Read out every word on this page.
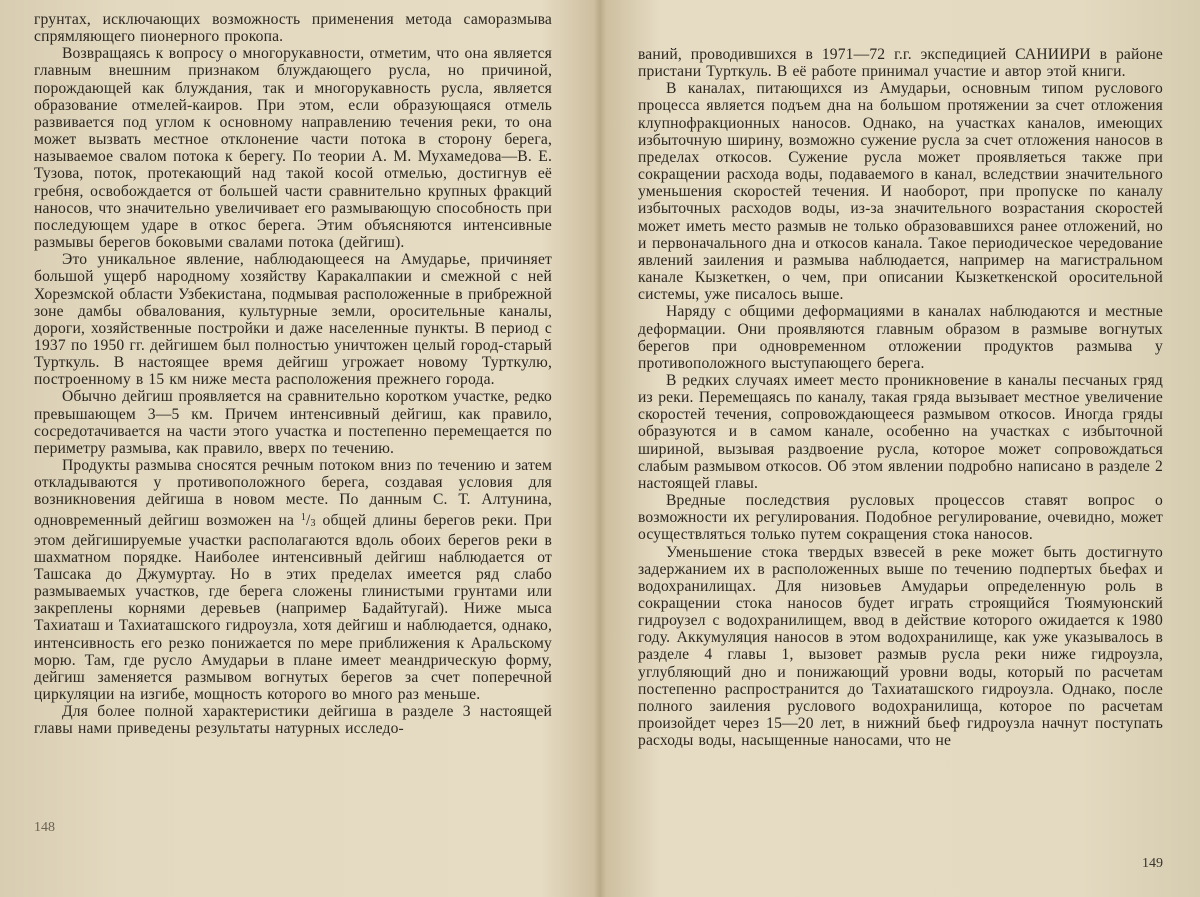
грунтах, исключающих возможность применения метода саморазмыва спрямляющего пионерного прокопа.

Возвращаясь к вопросу о многорукавности, отметим, что она является главным внешним признаком блуждающего русла, но причиной, порождающей как блуждания, так и многорукавность русла, является образование отмелей-каиров. При этом, если образующаяся отмель развивается под углом к основному направлению течения реки, то она может вызвать местное отклонение части потока в сторону берега, называемое свалом потока к берегу. По теории А. М. Мухамедова—В. Е. Тузова, поток, протекающий над такой косой отмелью, достигнув её гребня, освобождается от большей части сравнительно крупных фракций наносов, что значительно увеличивает его размывающую способность при последующем ударе в откос берега. Этим объясняются интенсивные размывы берегов боковыми свалами потока (дейгиш).

Это уникальное явление, наблюдающееся на Амударье, причиняет большой ущерб народному хозяйству Каракалпакии и смежной с ней Хорезмской области Узбекистана, подмывая расположенные в прибрежной зоне дамбы обвалования, культурные земли, оросительные каналы, дороги, хозяйственные постройки и даже населенные пункты. В период с 1937 по 1950 гг. дейгишем был полностью уничтожен целый город-старый Турткуль. В настоящее время дейгиш угрожает новому Турткулю, построенному в 15 км ниже места расположения прежнего города.

Обычно дейгиш проявляется на сравнительно коротком участке, редко превышающем 3—5 км. Причем интенсивный дейгиш, как правило, сосредотачивается на части этого участка и постепенно перемещается по периметру размыва, как правило, вверх по течению.

Продукты размыва сносятся речным потоком вниз по течению и затем откладываются у противоположного берега, создавая условия для возникновения дейгиша в новом месте. По данным С. Т. Алтунина, одновременный дейгиш возможен на $^1/_3$ общей длины берегов реки. При этом дейгишируемые участки располагаются вдоль обоих берегов реки в шахматном порядке. Наиболее интенсивный дейгиш наблюдается от Ташсака до Джумуртау. Но в этих пределах имеется ряд слабо размываемых участков, где берега сложены глинистыми грунтами или закреплены корнями деревьев (например Бадайтугай). Ниже мыса Тахиаташ и Тахиаташского гидроузла, хотя дейгиш и наблюдается, однако, интенсивность его резко понижается по мере приближения к Аральскому морю. Там, где русло Амударьи в плане имеет меандрическую форму, дейгиш заменяется размывом вогнутых берегов за счет поперечной циркуляции на изгибе, мощность которого во много раз меньше.

Для более полной характеристики дейгиша в разделе 3 настоящей главы нами приведены результаты натурных исследо-

148

ваний, проводившихся в 1971—72 г.г. экспедицией САНИИРИ в районе пристани Турткуль. В её работе принимал участие и автор этой книги.

В каналах, питающихся из Амударьи, основным типом руслового процесса является подъем дна на большом протяжении за счет отложения клупнофракционных наносов. Однако, на участках каналов, имеющих избыточную ширину, возможно сужение русла за счет отложения наносов в пределах откосов. Сужение русла может проявляеться также при сокращении расхода воды, подаваемого в канал, вследствии значительного уменьшения скоростей течения. И наоборот, при пропуске по каналу избыточных расходов воды, из-за значительного возрастания скоростей может иметь место размыв не только образовавшихся ранее отложений, но и первоначального дна и откосов канала. Такое периодическое чередование явлений заиления и размыва наблюдается, например на магистральном канале Кызкеткен, о чем, при описании Кызкеткенской оросительной системы, уже писалось выше.

Наряду с общими деформациями в каналах наблюдаются и местные деформации. Они проявляются главным образом в размыве вогнутых берегов при одновременном отложении продуктов размыва у противоположного выступающего берега.

В редких случаях имеет место проникновение в каналы песчаных гряд из реки. Перемещаясь по каналу, такая гряда вызывает местное увеличение скоростей течения, сопровождающееся размывом откосов. Иногда гряды образуются и в самом канале, особенно на участках с избыточной шириной, вызывая раздвоение русла, которое может сопровождаться слабым размывом откосов. Об этом явлении подробно написано в разделе 2 настоящей главы.

Вредные последствия русловых процессов ставят вопрос о возможности их регулирования. Подобное регулирование, очевидно, может осуществляться только путем сокращения стока наносов.

Уменьшение стока твердых взвесей в реке может быть достигнуто задержанием их в расположенных выше по течению подпертых бьефах и водохранилищах. Для низовьев Амударьи определенную роль в сокращении стока наносов будет играть строящийся Тюямуюнский гидроузел с водохранилищем, ввод в действие которого ожидается к 1980 году. Аккумуляция наносов в этом водохранилище, как уже указывалось в разделе 4 главы 1, вызовет размыв русла реки ниже гидроузла, углубляющий дно и понижающий уровни воды, который по расчетам постепенно распространится до Тахиаташского гидроузла. Однако, после полного заиления руслового водохранилища, которое по расчетам произойдет через 15—20 лет, в нижний бьеф гидроузла начнут поступать расходы воды, насыщенные наносами, что не

149
